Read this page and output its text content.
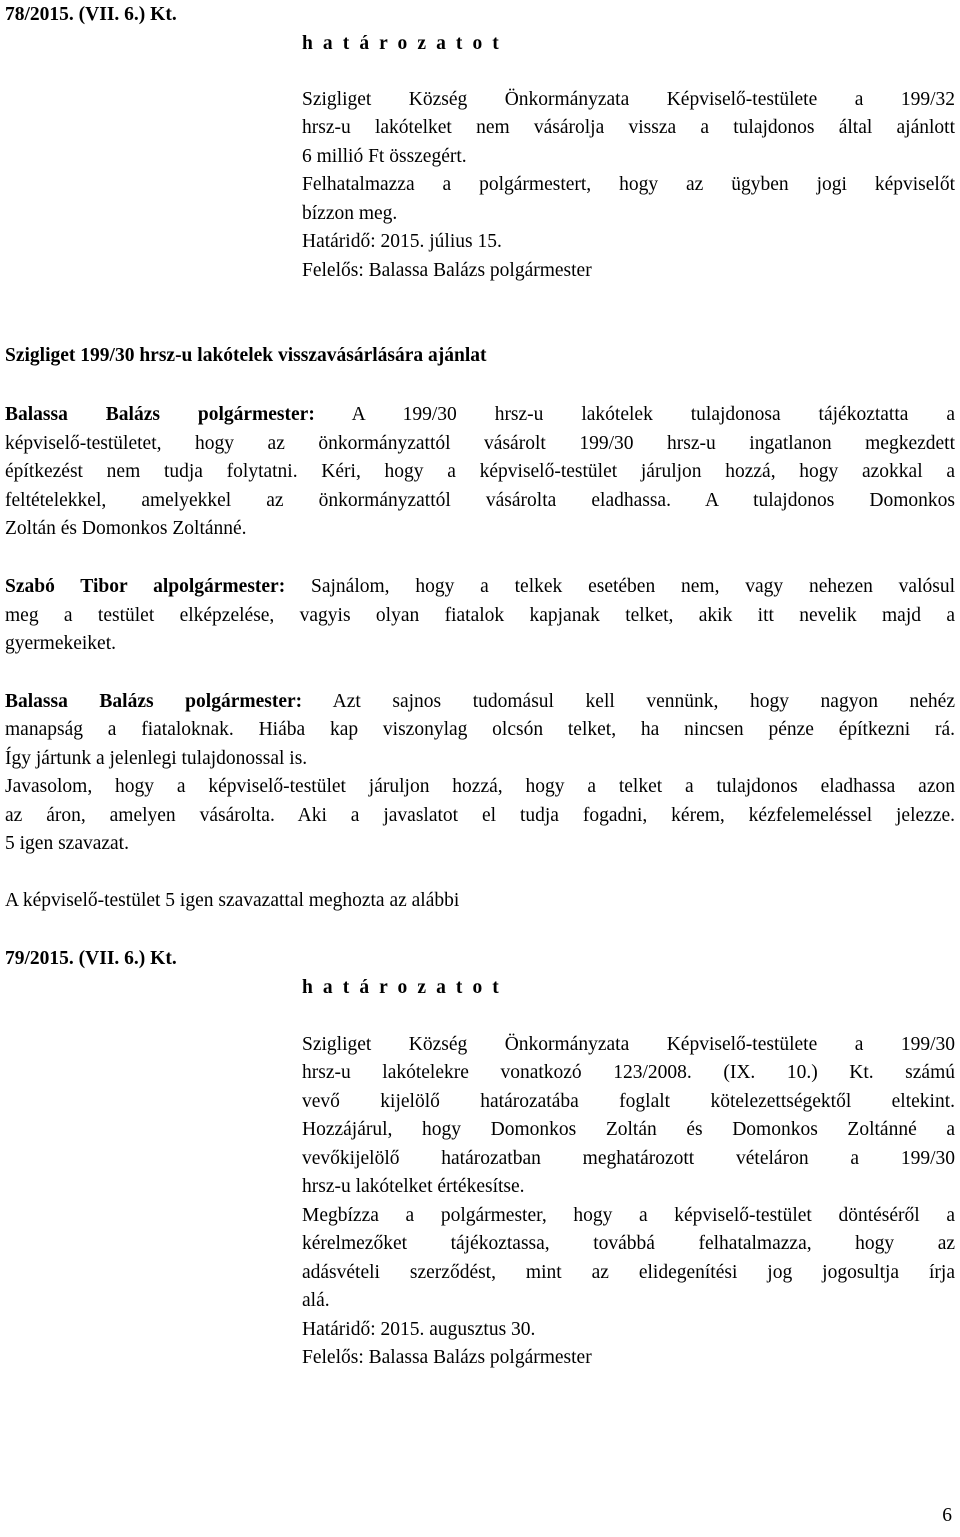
78/2015. (VII. 6.) Kt.
h a t á r o z a t o t
Szigliget Község Önkormányzata Képviselő-testülete a 199/32
hrsz-u lakótelket nem vásárolja vissza a tulajdonos által ajánlott
6 millió Ft összegért.
Felhatalmazza a polgármestert, hogy az ügyben jogi képviselőt
bízzon meg.
Határidő: 2015. július 15.
Felelős: Balassa Balázs polgármester
Szigliget 199/30 hrsz-u lakótelek visszavásárlására ajánlat
Balassa Balázs polgármester: A 199/30 hrsz-u lakótelek tulajdonosa tájékoztatta a
képviselő-testületet, hogy az önkormányzattól vásárolt 199/30 hrsz-u ingatlanon megkezdett
építkezést nem tudja folytatni. Kéri, hogy a képviselő-testület járuljon hozzá, hogy azokkal a
feltételekkel, amelyekkel az önkormányzattól vásárolta eladhassa. A tulajdonos Domonkos
Zoltán és Domonkos Zoltánné.
Szabó Tibor alpolgármester: Sajnálom, hogy a telkek esetében nem, vagy nehezen valósul
meg a testület elképzelése, vagyis olyan fiatalok kapjanak telket, akik itt nevelik majd a
gyermekeiket.
Balassa Balázs polgármester: Azt sajnos tudomásul kell vennünk, hogy nagyon nehéz
manapság a fiataloknak. Hiába kap viszonylag olcsón telket, ha nincsen pénze építkezni rá.
Így jártunk a jelenlegi tulajdonossal is.
Javasolom, hogy a képviselő-testület járuljon hozzá, hogy a telket a tulajdonos eladhassa azon
az áron, amelyen vásárolta. Aki a javaslatot el tudja fogadni, kérem, kézfelemeléssel jelezze.
5 igen szavazat.
A képviselő-testület 5 igen szavazattal meghozta az alábbi
79/2015. (VII. 6.) Kt.
h a t á r o z a t o t
Szigliget Község Önkormányzata Képviselő-testülete a 199/30
hrsz-u lakótelekre vonatkozó 123/2008. (IX. 10.) Kt. számú
vevő kijelölő határozatába foglalt kötelezettségektől eltekint.
Hozzájárul, hogy Domonkos Zoltán és Domonkos Zoltánné a
vevőkijelölő határozatban meghatározott vételáron a 199/30
hrsz-u lakótelket értékesítse.
Megbízza a polgármester, hogy a képviselő-testület döntéséről a
kérelmezőket tájékoztassa, továbbá felhatalmazza, hogy az
adásvételi szerződést, mint az elidegenítési jog jogosultja írja
alá.
Határidő: 2015. augusztus 30.
Felelős: Balassa Balázs polgármester
6
